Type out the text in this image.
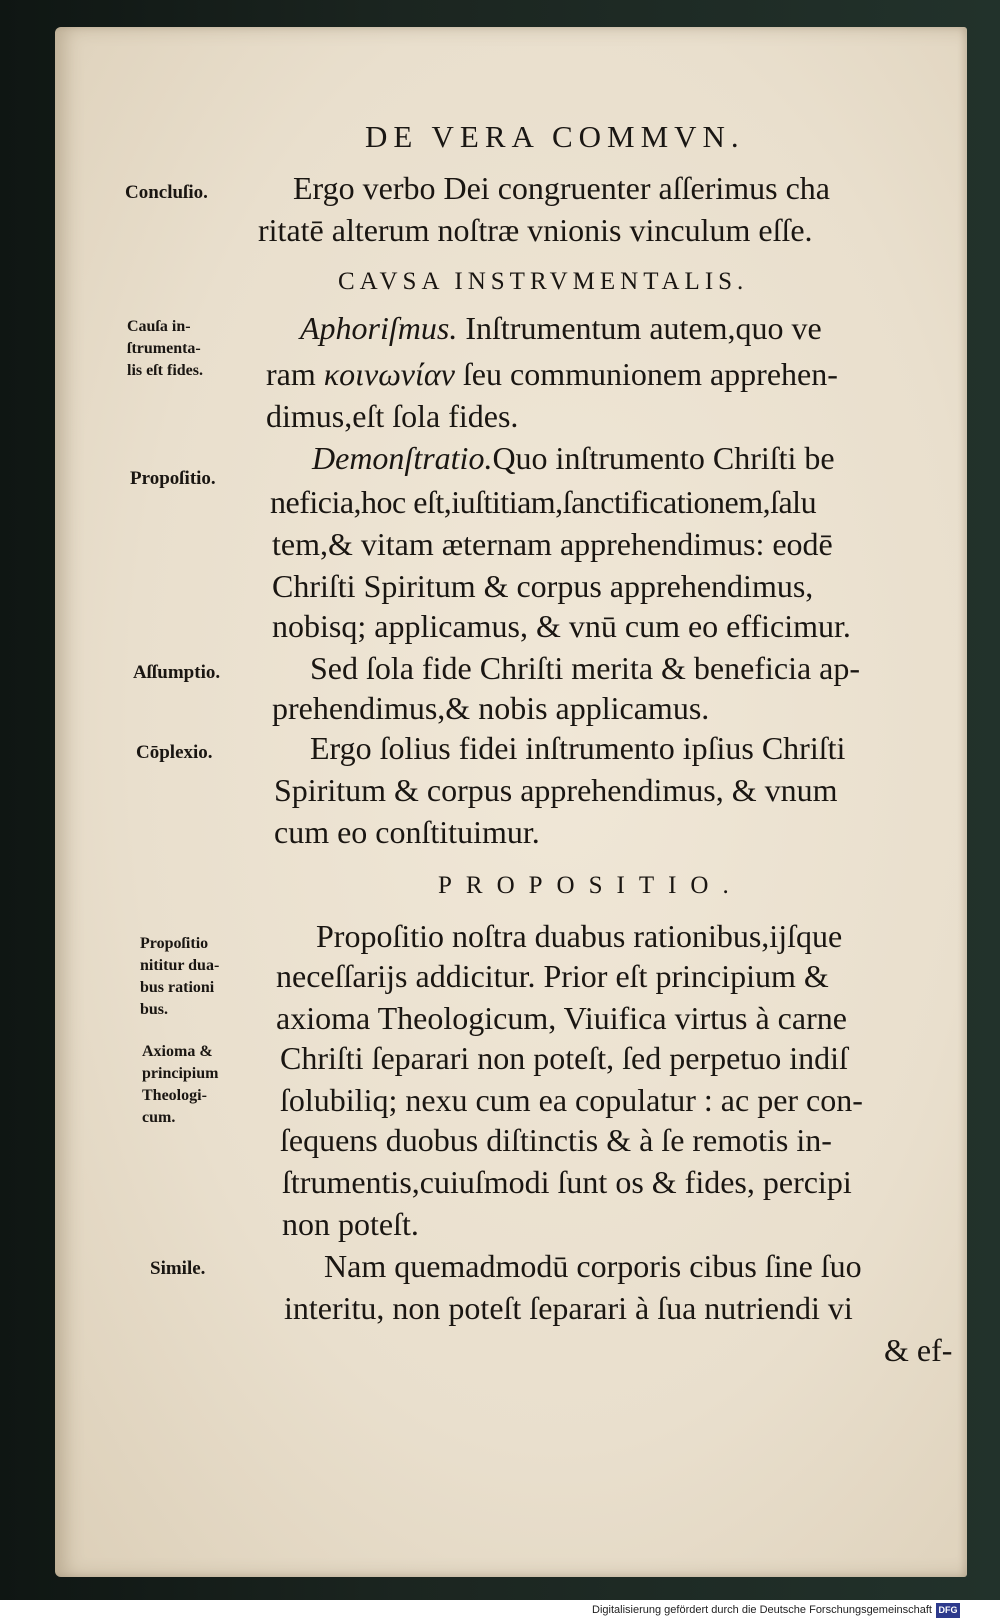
DE VERA COMMVN.
Concluſio.
Cauſa in-
ſtrumenta-
lis eſt fides.
Propoſitio.
Aſſumptio.
Cōplexio.
Propoſitio
nititur dua-
bus rationi
bus.
Axioma &
principium
Theologi-
cum.
Simile.
Ergo verbo Dei congruenter aſſerimus cha
ritatē alterum noſtræ vnionis vinculum eſſe.
CAVSA INSTRVMENTALIS.
Aphoriſmus. Inſtrumentum autem,quo ve
ram κοινωνίαν ſeu communionem apprehen-
dimus,eſt ſola fides.
Demonſtratio.Quo inſtrumento Chriſti be
neficia,hoc eſt,iuſtitiam,ſanctificationem,ſalu
tem,& vitam æternam apprehendimus: eodē
Chriſti Spiritum & corpus apprehendimus,
nobisq; applicamus, & vnū cum eo efficimur.
Sed ſola fide Chriſti merita & beneficia ap-
prehendimus,& nobis applicamus.
Ergo ſolius fidei inſtrumento ipſius Chriſti
Spiritum & corpus apprehendimus, & vnum
cum eo conſtituimur.
PROPOSITIO.
Propoſitio noſtra duabus rationibus,ijſque
neceſſarijs addicitur. Prior eſt principium &
axioma Theologicum, Viuifica virtus à carne
Chriſti ſeparari non poteſt, ſed perpetuo indiſ
ſolubiliq; nexu cum ea copulatur : ac per con-
ſequens duobus diſtinctis & à ſe remotis in-
ſtrumentis,cuiuſmodi ſunt os & fides, percipi
non poteſt.
Nam quemadmodū corporis cibus ſine ſuo
interitu, non poteſt ſeparari à ſua nutriendi vi
& ef-
Digitalisierung gefördert durch die Deutsche Forschungsgemeinschaft DFG
